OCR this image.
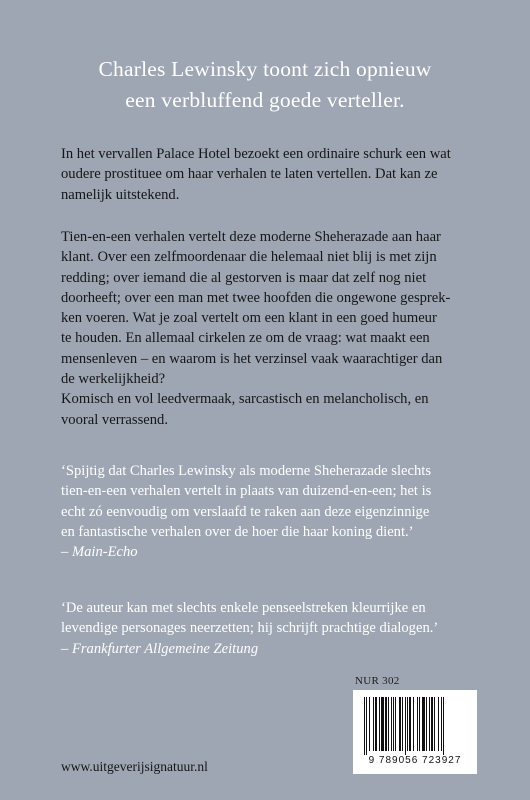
Charles Lewinsky toont zich opnieuw
een verbluffend goede verteller.
In het vervallen Palace Hotel bezoekt een ordinaire schurk een wat
oudere prostituee om haar verhalen te laten vertellen. Dat kan ze
namelijk uitstekend.
Tien-en-een verhalen vertelt deze moderne Sheherazade aan haar
klant. Over een zelfmoordenaar die helemaal niet blij is met zijn
redding; over iemand die al gestorven is maar dat zelf nog niet
doorheeft; over een man met twee hoofden die ongewone gesprek-
ken voeren. Wat je zoal vertelt om een klant in een goed humeur
te houden. En allemaal cirkelen ze om de vraag: wat maakt een
mensenleven – en waarom is het verzinsel vaak waarachtiger dan
de werkelijkheid?
Komisch en vol leedvermaak, sarcastisch en melancholisch, en
vooral verrassend.
‘Spijtig dat Charles Lewinsky als moderne Sheherazade slechts
tien-en-een verhalen vertelt in plaats van duizend-en-een; het is
echt zó eenvoudig om verslaafd te raken aan deze eigenzinnige
en fantastische verhalen over de hoer die haar koning dient.’
– Main-Echo
‘De auteur kan met slechts enkele penseelstreken kleurrijke en
levendige personages neerzetten; hij schrijft prachtige dialogen.’
– Frankfurter Allgemeine Zeitung
NUR 302
9 789056 723927
www.uitgeverijsignatuur.nl
